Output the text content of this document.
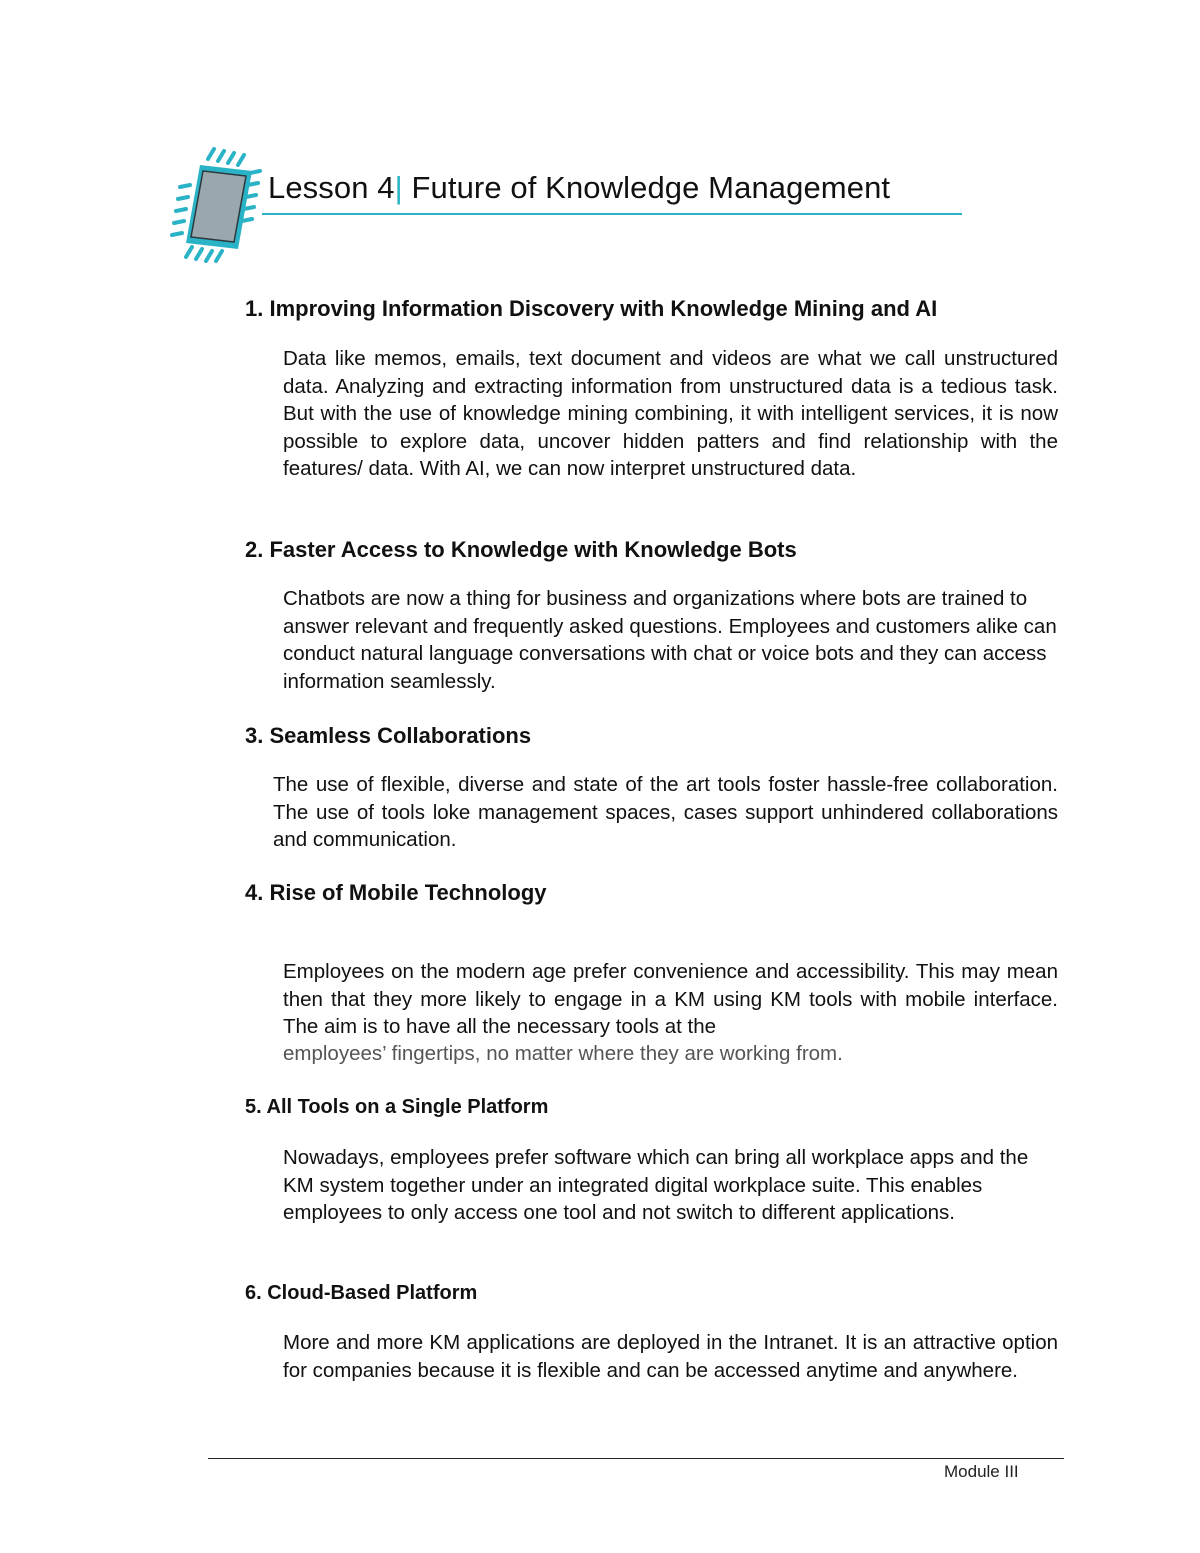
Lesson 4| Future of Knowledge Management
1. Improving Information Discovery with Knowledge Mining and AI
Data like memos, emails, text document and videos are what we call unstructured data. Analyzing and extracting information from unstructured data is a tedious task. But with the use of knowledge mining combining, it with intelligent services, it is now possible to explore data, uncover hidden patters and find relationship with the features/ data. With AI, we can now interpret unstructured data.
2. Faster Access to Knowledge with Knowledge Bots
Chatbots are now a thing for business and organizations where bots are trained to answer relevant and frequently asked questions. Employees and customers alike can conduct natural language conversations with chat or voice bots and they can access information seamlessly.
3. Seamless Collaborations
The use of flexible, diverse and state of the art tools foster hassle-free collaboration. The use of tools loke management spaces, cases support unhindered collaborations and communication.
4. Rise of Mobile Technology
Employees on the modern age prefer convenience and accessibility. This may mean then that they more likely to engage in a KM using KM tools with mobile interface. The aim is to have all the necessary tools at the
employees’ fingertips, no matter where they are working from.
5. All Tools on a Single Platform
Nowadays, employees prefer software which can bring all workplace apps and the KM system together under an integrated digital workplace suite. This enables employees to only access one tool and not switch to different applications.
6. Cloud-Based Platform
More and more KM applications are deployed in the Intranet. It is an attractive option for companies because it is flexible and can be accessed anytime and anywhere.
Module III
